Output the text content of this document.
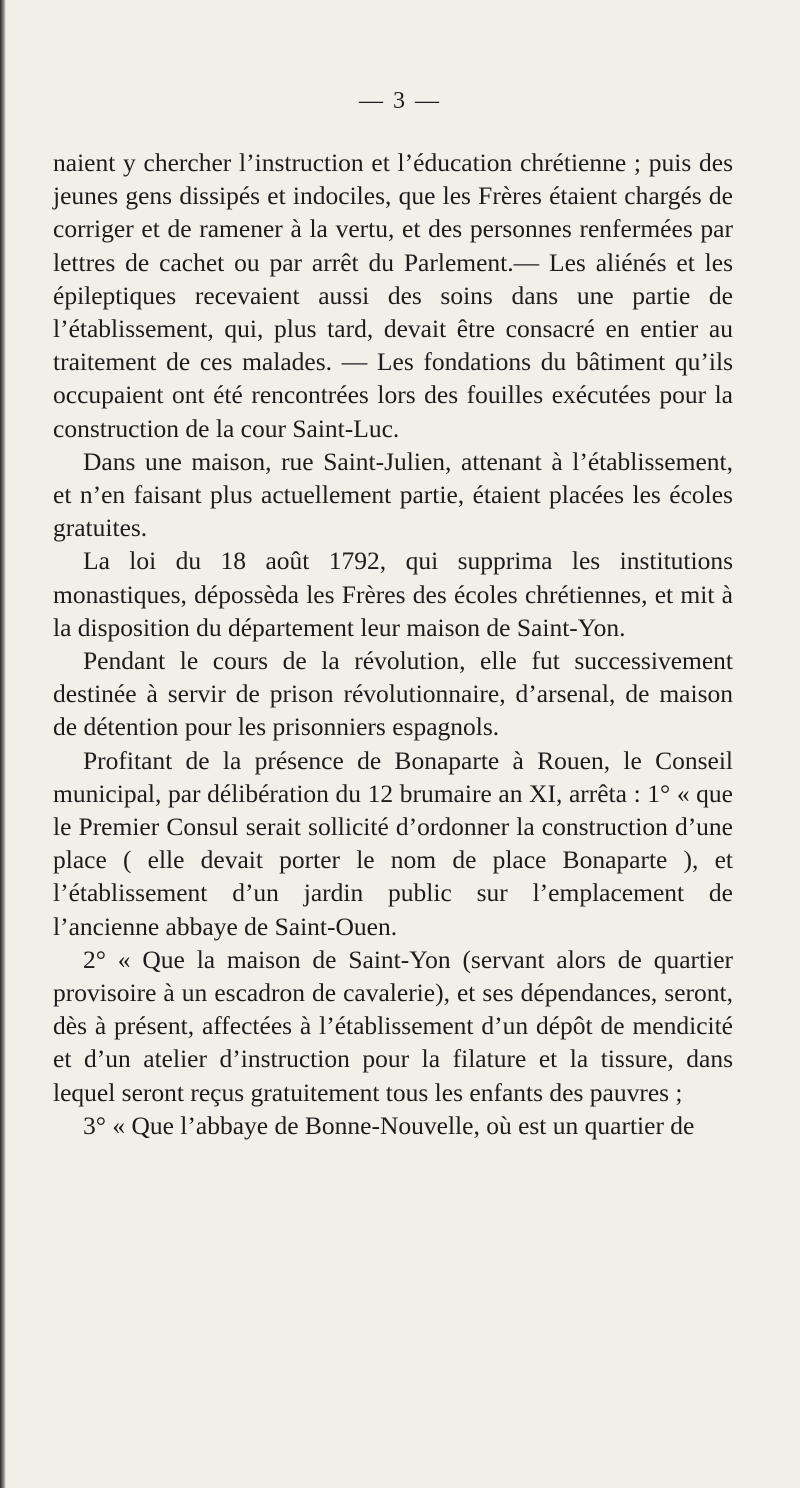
— 3 —

naient y chercher l’instruction et l’éducation chrétienne ; puis des jeunes gens dissipés et indociles, que les Frères étaient chargés de corriger et de ramener à la vertu, et des personnes renfermées par lettres de cachet ou par arrêt du Parlement.— Les aliénés et les épileptiques recevaient aussi des soins dans une partie de l’établissement, qui, plus tard, devait être consacré en entier au traitement de ces malades. — Les fondations du bâtiment qu’ils occupaient ont été rencontrées lors des fouilles exécutées pour la construction de la cour Saint-Luc.

Dans une maison, rue Saint-Julien, attenant à l’établissement, et n’en faisant plus actuellement partie, étaient placées les écoles gratuites.

La loi du 18 août 1792, qui supprima les institutions monastiques, dépossèda les Frères des écoles chrétiennes, et mit à la disposition du département leur maison de Saint-Yon.

Pendant le cours de la révolution, elle fut successivement destinée à servir de prison révolutionnaire, d’arsenal, de maison de détention pour les prisonniers espagnols.

Profitant de la présence de Bonaparte à Rouen, le Conseil municipal, par délibération du 12 brumaire an XI, arrêta : 1° « que le Premier Consul serait sollicité d’ordonner la construction d’une place ( elle devait porter le nom de place Bonaparte ), et l’établissement d’un jardin public sur l’emplacement de l’ancienne abbaye de Saint-Ouen.

2° « Que la maison de Saint-Yon (servant alors de quartier provisoire à un escadron de cavalerie), et ses dépendances, seront, dès à présent, affectées à l’établissement d’un dépôt de mendicité et d’un atelier d’instruction pour la filature et la tissure, dans lequel seront reçus gratuitement tous les enfants des pauvres ;

3° « Que l’abbaye de Bonne-Nouvelle, où est un quartier de
